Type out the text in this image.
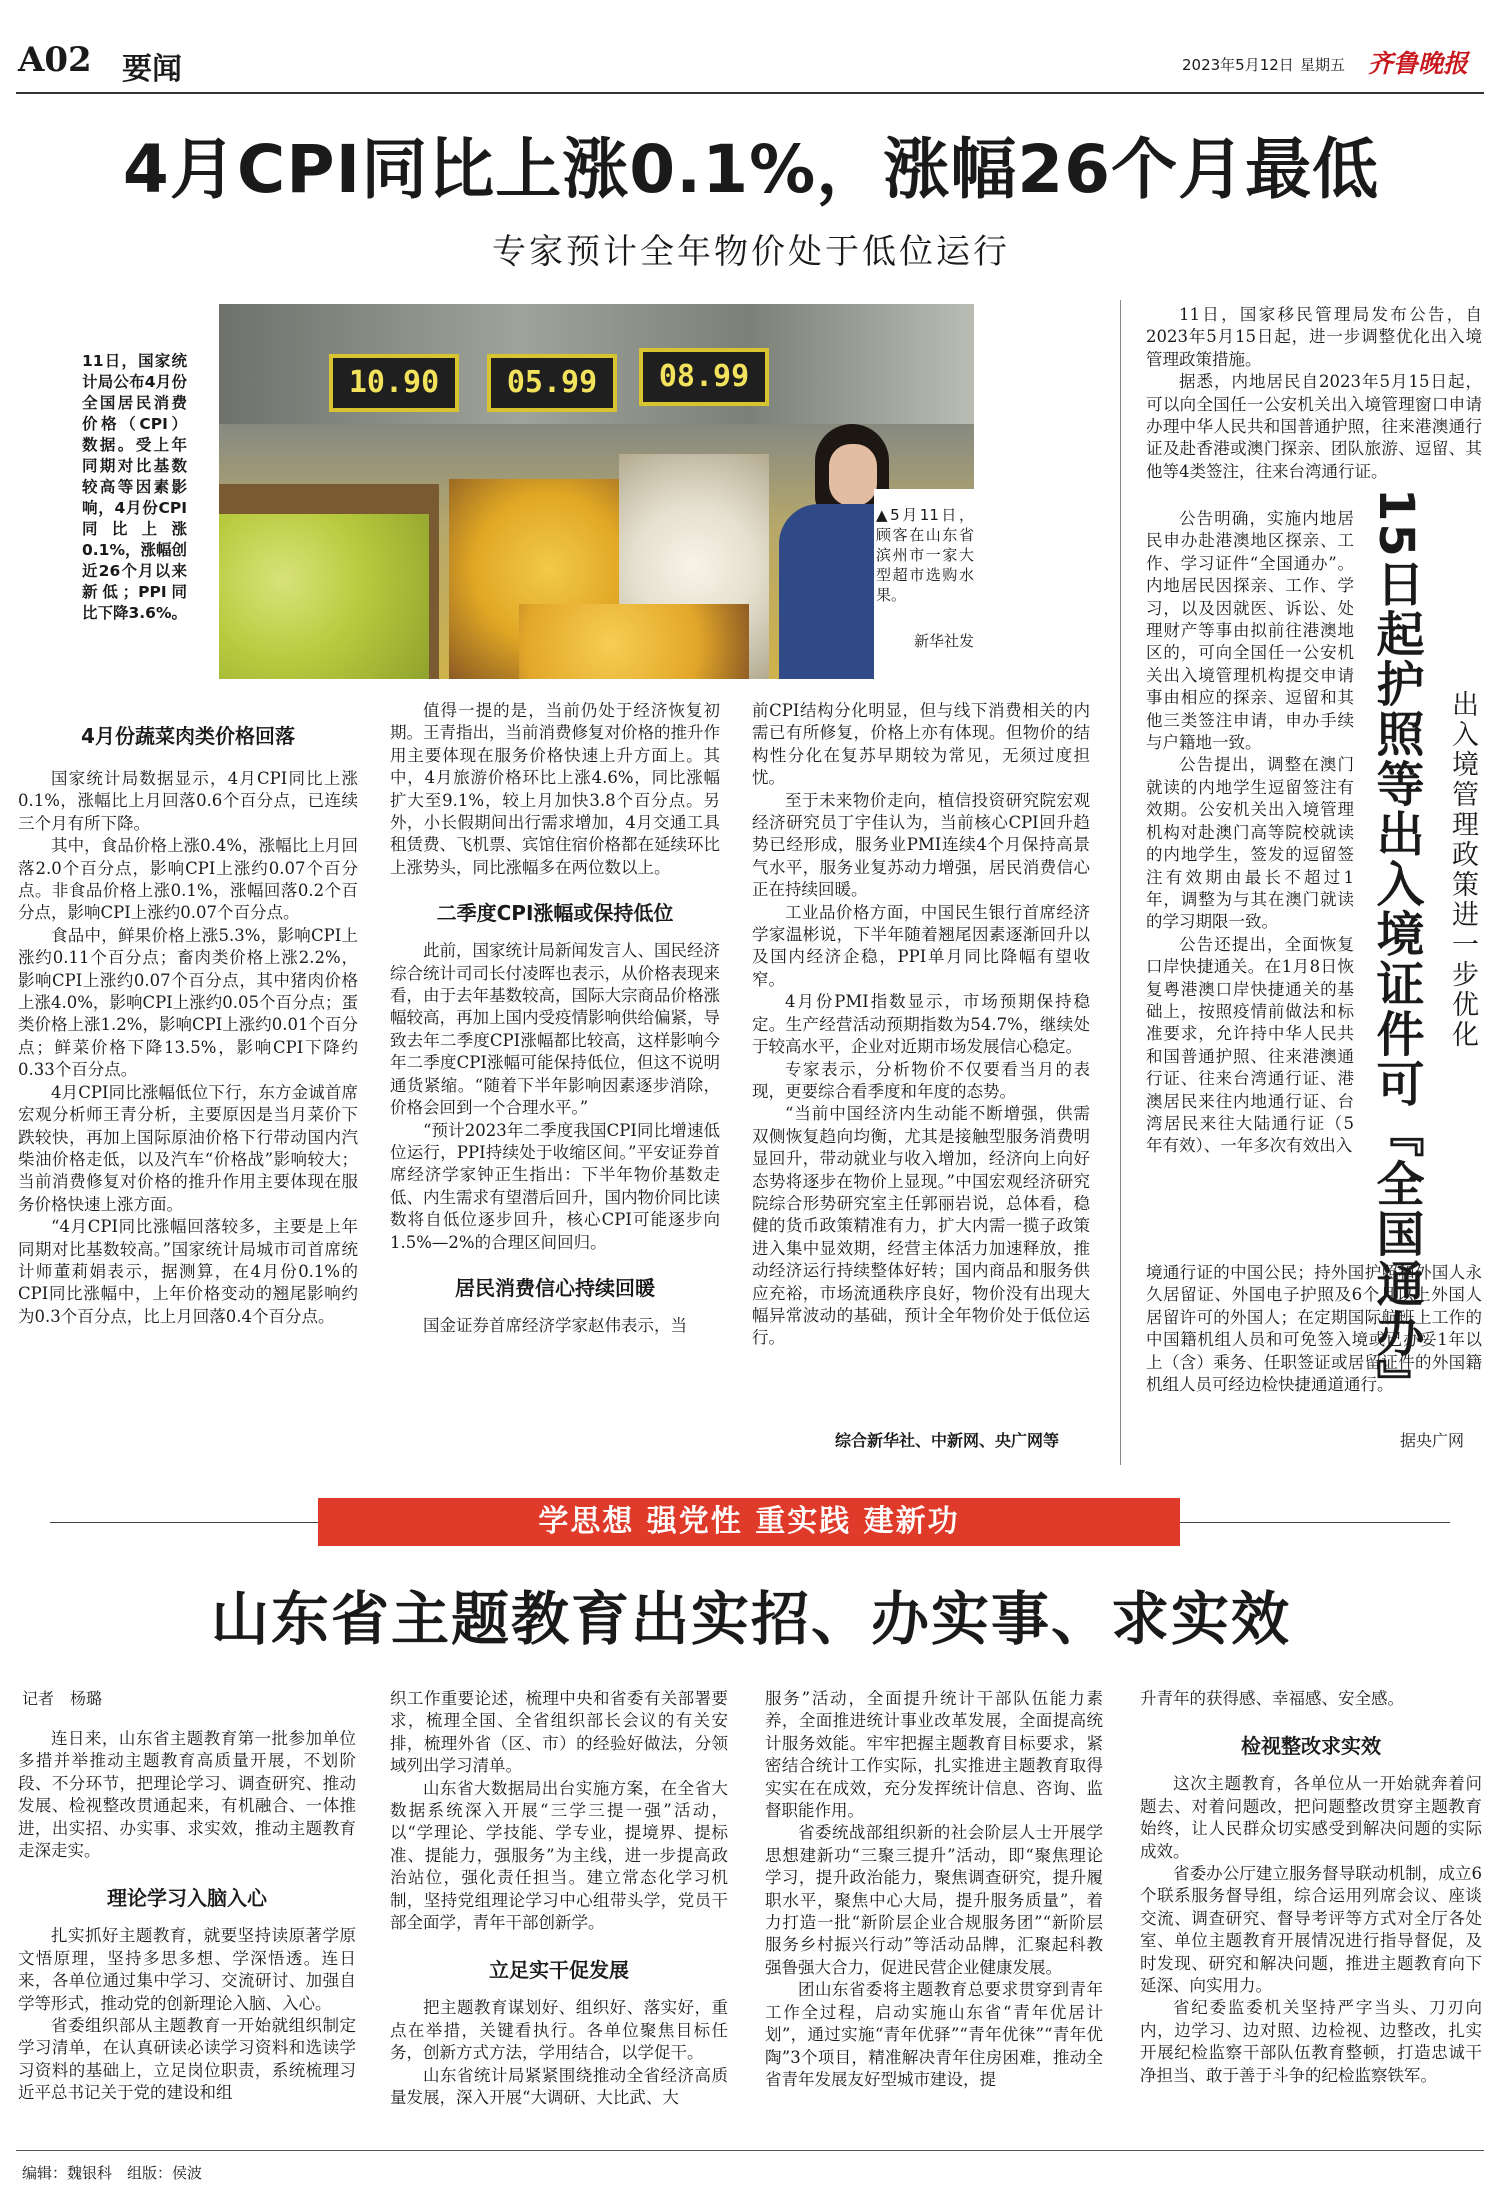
A02 要闻	2023年5月12日 星期五 齐鲁晚报
4月CPI同比上涨0.1%，涨幅26个月最低
专家预计全年物价处于低位运行
11日，国家统计局公布4月份全国居民消费价格（CPI）数据。受上年同期对比基数较高等因素影响，4月份CPI同比上涨0.1%，涨幅创近26个月以来新低；PPI同比下降3.6%。
10.90	05.99	08.99
▲5月11日，顾客在山东省滨州市一家大型超市选购水果。
新华社发
4月份蔬菜肉类价格回落

国家统计局数据显示，4月CPI同比上涨0.1%，涨幅比上月回落0.6个百分点，已连续三个月有所下降。

其中，食品价格上涨0.4%，涨幅比上月回落2.0个百分点，影响CPI上涨约0.07个百分点。非食品价格上涨0.1%，涨幅回落0.2个百分点，影响CPI上涨约0.07个百分点。

食品中，鲜果价格上涨5.3%，影响CPI上涨约0.11个百分点；畜肉类价格上涨2.2%，影响CPI上涨约0.07个百分点，其中猪肉价格上涨4.0%，影响CPI上涨约0.05个百分点；蛋类价格上涨1.2%，影响CPI上涨约0.01个百分点；鲜菜价格下降13.5%，影响CPI下降约0.33个百分点。

4月CPI同比涨幅低位下行，东方金诚首席宏观分析师王青分析，主要原因是当月菜价下跌较快，再加上国际原油价格下行带动国内汽柴油价格走低，以及汽车“价格战”影响较大；当前消费修复对价格的推升作用主要体现在服务价格快速上涨方面。

“4月CPI同比涨幅回落较多，主要是上年同期对比基数较高。”国家统计局城市司首席统计师董莉娟表示，据测算，在4月份0.1%的CPI同比涨幅中，上年价格变动的翘尾影响约为0.3个百分点，比上月回落0.4个百分点。

值得一提的是，当前仍处于经济恢复初期。王青指出，当前消费修复对价格的推升作用主要体现在服务价格快速上升方面上。其中，4月旅游价格环比上涨4.6%，同比涨幅扩大至9.1%，较上月加快3.8个百分点。另外，小长假期间出行需求增加，4月交通工具租赁费、飞机票、宾馆住宿价格都在延续环比上涨势头，同比涨幅多在两位数以上。

二季度CPI涨幅或保持低位

此前，国家统计局新闻发言人、国民经济综合统计司司长付凌晖也表示，从价格表现来看，由于去年基数较高，国际大宗商品价格涨幅较高，再加上国内受疫情影响供给偏紧，导致去年二季度CPI涨幅都比较高，这样影响今年二季度CPI涨幅可能保持低位，但这不说明通货紧缩。“随着下半年影响因素逐步消除，价格会回到一个合理水平。”

“预计2023年二季度我国CPI同比增速低位运行，PPI持续处于收缩区间。”平安证券首席经济学家钟正生指出：下半年物价基数走低、内生需求有望潜后回升，国内物价同比读数将自低位逐步回升，核心CPI可能逐步向1.5%—2%的合理区间回归。

居民消费信心持续回暖

国金证券首席经济学家赵伟表示，当

前CPI结构分化明显，但与线下消费相关的内需已有所修复，价格上亦有体现。但物价的结构性分化在复苏早期较为常见，无须过度担忧。

至于未来物价走向，植信投资研究院宏观经济研究员丁宇佳认为，当前核心CPI回升趋势已经形成，服务业PMI连续4个月保持高景气水平，服务业复苏动力增强，居民消费信心正在持续回暖。

工业品价格方面，中国民生银行首席经济学家温彬说，下半年随着翘尾因素逐渐回升以及国内经济企稳，PPI单月同比降幅有望收窄。

4月份PMI指数显示，市场预期保持稳定。生产经营活动预期指数为54.7%，继续处于较高水平，企业对近期市场发展信心稳定。

专家表示，分析物价不仅要看当月的表现，更要综合看季度和年度的态势。

“当前中国经济内生动能不断增强，供需双侧恢复趋向均衡，尤其是接触型服务消费明显回升，带动就业与收入增加，经济向上向好态势将逐步在物价上显现。”中国宏观经济研究院综合形势研究室主任郭丽岩说，总体看，稳健的货币政策精准有力，扩大内需一揽子政策进入集中显效期，经营主体活力加速释放，推动经济运行持续整体好转；国内商品和服务供应充裕，市场流通秩序良好，物价没有出现大幅异常波动的基础，预计全年物价处于低位运行。

综合新华社、中新网、央广网等

11日，国家移民管理局发布公告，自2023年5月15日起，进一步调整优化出入境管理政策措施。

据悉，内地居民自2023年5月15日起，可以向全国任一公安机关出入境管理窗口申请办理中华人民共和国普通护照，往来港澳通行证及赴香港或澳门探亲、团队旅游、逗留、其他等4类签注，往来台湾通行证。

公告明确，实施内地居民申办赴港澳地区探亲、工作、学习证件“全国通办”。内地居民因探亲、工作、学习，以及因就医、诉讼、处理财产等事由拟前往港澳地区的，可向全国任一公安机关出入境管理机构提交申请事由相应的探亲、逗留和其他三类签注申请，申办手续与户籍地一致。

公告提出，调整在澳门就读的内地学生逗留签注有效期。公安机关出入境管理机构对赴澳门高等院校就读的内地学生，签发的逗留签注有效期由最长不超过1年，调整为与其在澳门就读的学习期限一致。

公告还提出，全面恢复口岸快捷通关。在1月8日恢复粤港澳口岸快捷通关的基础上，按照疫情前做法和标准要求，允许持中华人民共和国普通护照、往来港澳通行证、往来台湾通行证、港澳居民来往内地通行证、台湾居民来往大陆通行证（5年有效）、一年多次有效出入 15日起护照等出入境证件可『全国通办』 出入境管理政策进一步优化

境通行证的中国公民；持外国护照和外国人永久居留证、外国电子护照及6个月以上外国人居留许可的外国人；在定期国际航班上工作的中国籍机组人员和可免签入境或已办妥1年以上（含）乘务、任职签证或居留证件的外国籍机组人员可经边检快捷通道通行。

据央广网
学思想 强党性 重实践 建新功
山东省主题教育出实招、办实事、求实效
记者　杨璐

连日来，山东省主题教育第一批参加单位多措并举推动主题教育高质量开展，不划阶段、不分环节，把理论学习、调查研究、推动发展、检视整改贯通起来，有机融合、一体推进，出实招、办实事、求实效，推动主题教育走深走实。

理论学习入脑入心

扎实抓好主题教育，就要坚持读原著学原文悟原理，坚持多思多想、学深悟透。连日来，各单位通过集中学习、交流研讨、加强自学等形式，推动党的创新理论入脑、入心。

省委组织部从主题教育一开始就组织制定学习清单，在认真研读必读学习资料和选读学习资料的基础上，立足岗位职责，系统梳理习近平总书记关于党的建设和组

织工作重要论述，梳理中央和省委有关部署要求，梳理全国、全省组织部长会议的有关安排，梳理外省（区、市）的经验好做法，分领域列出学习清单。

山东省大数据局出台实施方案，在全省大数据系统深入开展“三学三提一强”活动，以“学理论、学技能、学专业，提境界、提标准、提能力，强服务”为主线，进一步提高政治站位，强化责任担当。建立常态化学习机制，坚持党组理论学习中心组带头学，党员干部全面学，青年干部创新学。

立足实干促发展

把主题教育谋划好、组织好、落实好，重点在举措，关键看执行。各单位聚焦目标任务，创新方式方法，学用结合，以学促干。

山东省统计局紧紧围绕推动全省经济高质量发展，深入开展“大调研、大比武、大

服务”活动，全面提升统计干部队伍能力素养，全面推进统计事业改革发展，全面提高统计服务效能。牢牢把握主题教育目标要求，紧密结合统计工作实际，扎实推进主题教育取得实实在在成效，充分发挥统计信息、咨询、监督职能作用。

省委统战部组织新的社会阶层人士开展学思想建新功“三聚三提升”活动，即“聚焦理论学习，提升政治能力，聚焦调查研究，提升履职水平，聚焦中心大局，提升服务质量”，着力打造一批“新阶层企业合规服务团”“新阶层服务乡村振兴行动”等活动品牌，汇聚起科教强鲁强大合力，促进民营企业健康发展。

团山东省委将主题教育总要求贯穿到青年工作全过程，启动实施山东省“青年优居计划”，通过实施“青年优驿”“青年优徕”“青年优陶”3个项目，精准解决青年住房困难，推动全省青年发展友好型城市建设，提

升青年的获得感、幸福感、安全感。

检视整改求实效

这次主题教育，各单位从一开始就奔着问题去、对着问题改，把问题整改贯穿主题教育始终，让人民群众切实感受到解决问题的实际成效。

省委办公厅建立服务督导联动机制，成立6个联系服务督导组，综合运用列席会议、座谈交流、调查研究、督导考评等方式对全厅各处室、单位主题教育开展情况进行指导督促，及时发现、研究和解决问题，推进主题教育向下延深、向实用力。

省纪委监委机关坚持严字当头、刀刃向内，边学习、边对照、边检视、边整改，扎实开展纪检监察干部队伍教育整顿，打造忠诚干净担当、敢于善于斗争的纪检监察铁军。

编辑：魏银科　组版：侯波
